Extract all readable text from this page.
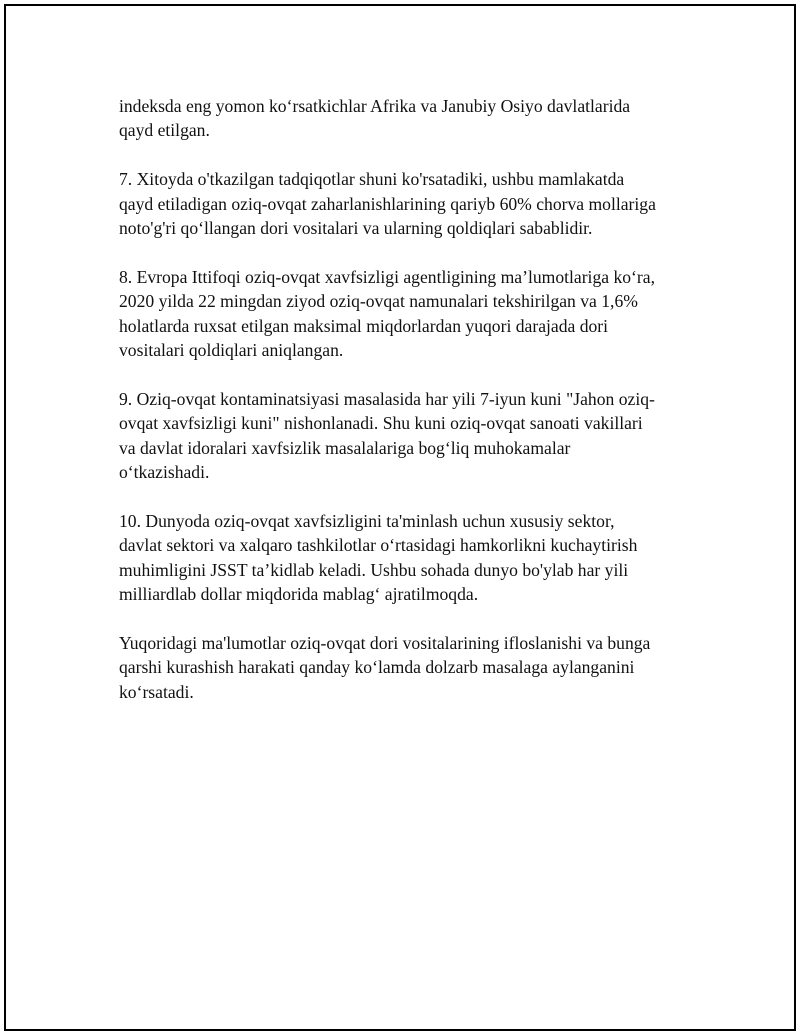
indeksda eng yomon ko‘rsatkichlar Afrika va Janubiy Osiyo davlatlarida
qayd etilgan.

7. Xitoyda o'tkazilgan tadqiqotlar shuni ko'rsatadiki, ushbu mamlakatda
qayd etiladigan oziq-ovqat zaharlanishlarining qariyb 60% chorva mollariga
noto'g'ri qo‘llangan dori vositalari va ularning qoldiqlari sabablidir.

8. Evropa Ittifoqi oziq-ovqat xavfsizligi agentligining ma’lumotlariga ko‘ra,
2020 yilda 22 mingdan ziyod oziq-ovqat namunalari tekshirilgan va 1,6%
holatlarda ruxsat etilgan maksimal miqdorlardan yuqori darajada dori
vositalari qoldiqlari aniqlangan.

9. Oziq-ovqat kontaminatsiyasi masalasida har yili 7-iyun kuni "Jahon oziq-
ovqat xavfsizligi kuni" nishonlanadi. Shu kuni oziq-ovqat sanoati vakillari
va davlat idoralari xavfsizlik masalalariga bog‘liq muhokamalar
o‘tkazishadi.

10. Dunyoda oziq-ovqat xavfsizligini ta'minlash uchun xususiy sektor,
davlat sektori va xalqaro tashkilotlar o‘rtasidagi hamkorlikni kuchaytirish
muhimligini JSST ta’kidlab keladi. Ushbu sohada dunyo bo'ylab har yili
milliardlab dollar miqdorida mablag‘ ajratilmoqda.

Yuqoridagi ma'lumotlar oziq-ovqat dori vositalarining ifloslanishi va bunga
qarshi kurashish harakati qanday ko‘lamda dolzarb masalaga aylanganini
ko‘rsatadi.
